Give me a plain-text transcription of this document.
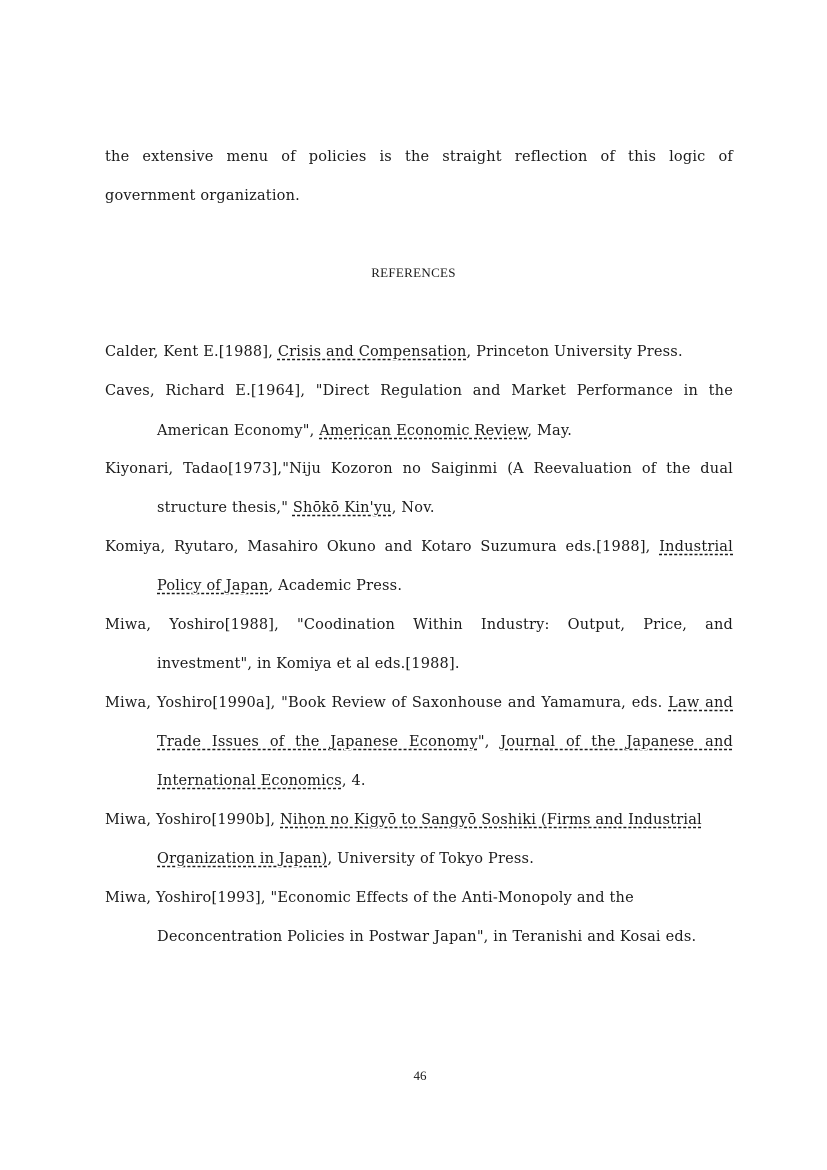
the extensive menu of policies is the straight reflection of this logic of
government organization.
REFERENCES
Calder, Kent E.[1988], Crisis and Compensation, Princeton University Press.
Caves, Richard E.[1964], "Direct Regulation and Market Performance in the
American Economy", American Economic Review, May.
Kiyonari, Tadao[1973],"Niju Kozoron no Saiginmi (A Reevaluation of the dual
structure thesis," Shōkō Kin'yu, Nov.
Komiya, Ryutaro, Masahiro Okuno and Kotaro Suzumura eds.[1988], Industrial
Policy of Japan, Academic Press.
Miwa, Yoshiro[1988], "Coodination Within Industry: Output, Price, and
investment", in Komiya et al eds.[1988].
Miwa, Yoshiro[1990a], "Book Review of Saxonhouse and Yamamura, eds. Law and
Trade Issues of the Japanese Economy", Journal of the Japanese and
International Economics, 4.
Miwa, Yoshiro[1990b], Nihon no Kigyō to Sangyō Soshiki (Firms and Industrial
Organization in Japan), University of Tokyo Press.
Miwa, Yoshiro[1993], "Economic Effects of the Anti-Monopoly and the
Deconcentration Policies in Postwar Japan", in Teranishi and Kosai eds.
46
